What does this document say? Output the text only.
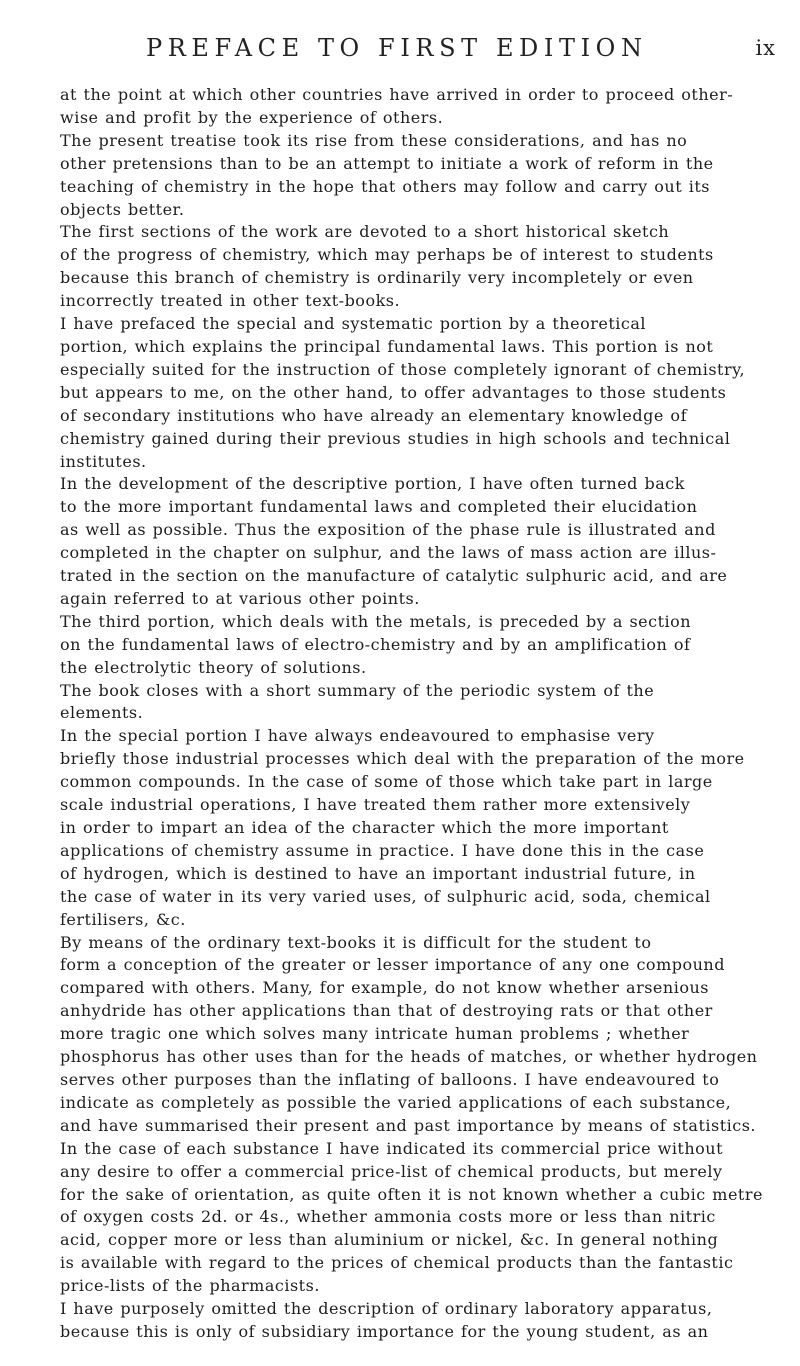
PREFACE TO FIRST EDITION	ix
at the point at which other countries have arrived in order to proceed other-
wise and profit by the experience of others.
The present treatise took its rise from these considerations, and has no
other pretensions than to be an attempt to initiate a work of reform in the
teaching of chemistry in the hope that others may follow and carry out its
objects better.
The first sections of the work are devoted to a short historical sketch
of the progress of chemistry, which may perhaps be of interest to students
because this branch of chemistry is ordinarily very incompletely or even
incorrectly treated in other text-books.
I have prefaced the special and systematic portion by a theoretical
portion, which explains the principal fundamental laws. This portion is not
especially suited for the instruction of those completely ignorant of chemistry,
but appears to me, on the other hand, to offer advantages to those students
of secondary institutions who have already an elementary knowledge of
chemistry gained during their previous studies in high schools and technical
institutes.
In the development of the descriptive portion, I have often turned back
to the more important fundamental laws and completed their elucidation
as well as possible. Thus the exposition of the phase rule is illustrated and
completed in the chapter on sulphur, and the laws of mass action are illus-
trated in the section on the manufacture of catalytic sulphuric acid, and are
again referred to at various other points.
The third portion, which deals with the metals, is preceded by a section
on the fundamental laws of electro-chemistry and by an amplification of
the electrolytic theory of solutions.
The book closes with a short summary of the periodic system of the
elements.
In the special portion I have always endeavoured to emphasise very
briefly those industrial processes which deal with the preparation of the more
common compounds. In the case of some of those which take part in large
scale industrial operations, I have treated them rather more extensively
in order to impart an idea of the character which the more important
applications of chemistry assume in practice. I have done this in the case
of hydrogen, which is destined to have an important industrial future, in
the case of water in its very varied uses, of sulphuric acid, soda, chemical
fertilisers, &c.
By means of the ordinary text-books it is difficult for the student to
form a conception of the greater or lesser importance of any one compound
compared with others. Many, for example, do not know whether arsenious
anhydride has other applications than that of destroying rats or that other
more tragic one which solves many intricate human problems ; whether
phosphorus has other uses than for the heads of matches, or whether hydrogen
serves other purposes than the inflating of balloons. I have endeavoured to
indicate as completely as possible the varied applications of each substance,
and have summarised their present and past importance by means of statistics.
In the case of each substance I have indicated its commercial price without
any desire to offer a commercial price-list of chemical products, but merely
for the sake of orientation, as quite often it is not known whether a cubic metre
of oxygen costs 2d. or 4s., whether ammonia costs more or less than nitric
acid, copper more or less than aluminium or nickel, &c. In general nothing
is available with regard to the prices of chemical products than the fantastic
price-lists of the pharmacists.
I have purposely omitted the description of ordinary laboratory apparatus,
because this is only of subsidiary importance for the young student, as an
